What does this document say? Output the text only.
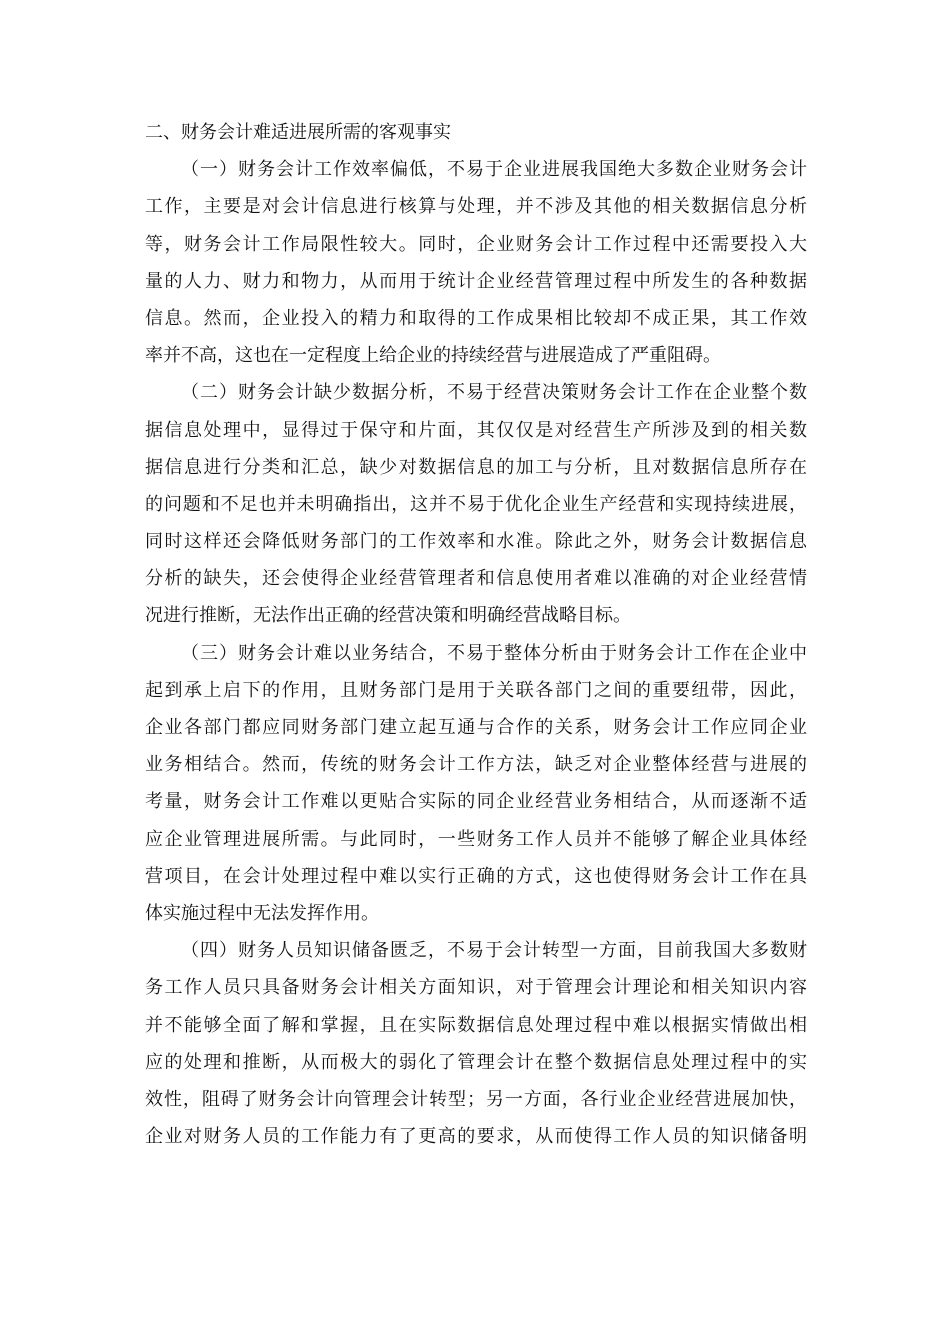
二、财务会计难适进展所需的客观事实
（一）财务会计工作效率偏低，不易于企业进展我国绝大多数企业财务会计
工作，主要是对会计信息进行核算与处理，并不涉及其他的相关数据信息分析
等，财务会计工作局限性较大。同时，企业财务会计工作过程中还需要投入大
量的人力、财力和物力，从而用于统计企业经营管理过程中所发生的各种数据
信息。然而，企业投入的精力和取得的工作成果相比较却不成正果，其工作效
率并不高，这也在一定程度上给企业的持续经营与进展造成了严重阻碍。
（二）财务会计缺少数据分析，不易于经营决策财务会计工作在企业整个数
据信息处理中，显得过于保守和片面，其仅仅是对经营生产所涉及到的相关数
据信息进行分类和汇总，缺少对数据信息的加工与分析，且对数据信息所存在
的问题和不足也并未明确指出，这并不易于优化企业生产经营和实现持续进展，
同时这样还会降低财务部门的工作效率和水准。除此之外，财务会计数据信息
分析的缺失，还会使得企业经营管理者和信息使用者难以准确的对企业经营情
况进行推断，无法作出正确的经营决策和明确经营战略目标。
（三）财务会计难以业务结合，不易于整体分析由于财务会计工作在企业中
起到承上启下的作用，且财务部门是用于关联各部门之间的重要纽带，因此，
企业各部门都应同财务部门建立起互通与合作的关系，财务会计工作应同企业
业务相结合。然而，传统的财务会计工作方法，缺乏对企业整体经营与进展的
考量，财务会计工作难以更贴合实际的同企业经营业务相结合，从而逐渐不适
应企业管理进展所需。与此同时，一些财务工作人员并不能够了解企业具体经
营项目，在会计处理过程中难以实行正确的方式，这也使得财务会计工作在具
体实施过程中无法发挥作用。
（四）财务人员知识储备匮乏，不易于会计转型一方面，目前我国大多数财
务工作人员只具备财务会计相关方面知识，对于管理会计理论和相关知识内容
并不能够全面了解和掌握，且在实际数据信息处理过程中难以根据实情做出相
应的处理和推断，从而极大的弱化了管理会计在整个数据信息处理过程中的实
效性，阻碍了财务会计向管理会计转型；另一方面，各行业企业经营进展加快，
企业对财务人员的工作能力有了更高的要求，从而使得工作人员的知识储备明
